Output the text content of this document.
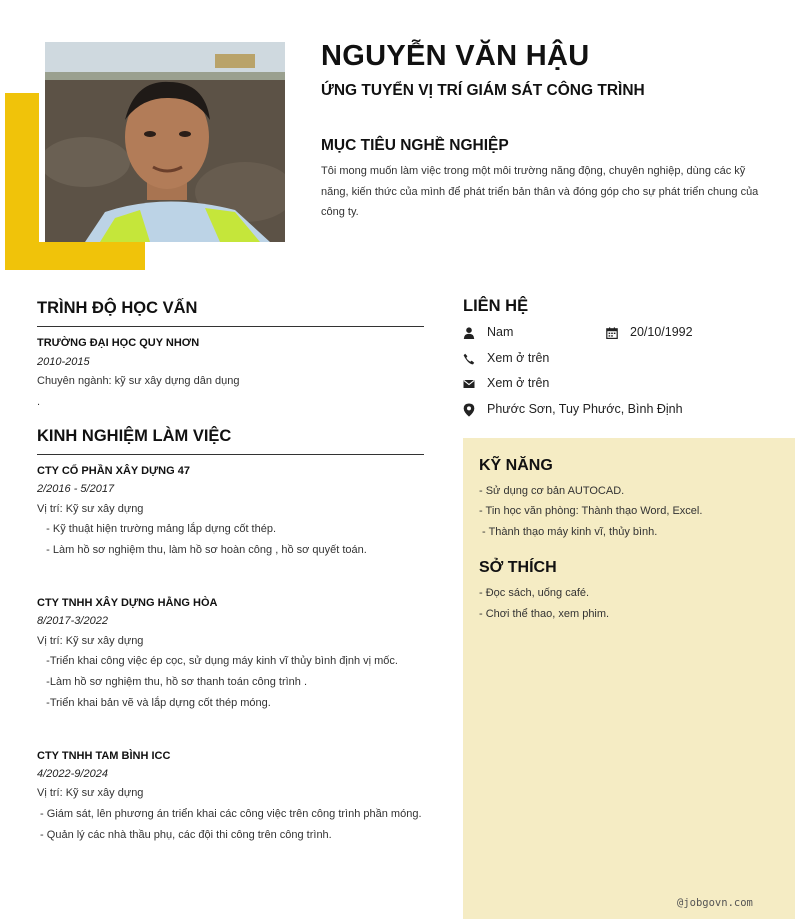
NGUYỄN VĂN HẬU
ỨNG TUYỂN VỊ TRÍ GIÁM SÁT CÔNG TRÌNH
MỤC TIÊU NGHỀ NGHIỆP
Tôi mong muốn làm việc trong một môi trường năng động, chuyên nghiệp, dùng các kỹ
năng, kiến thức của mình để phát triển bản thân và đóng góp cho sự phát triển chung của
công ty.
TRÌNH ĐỘ HỌC VẤN
TRƯỜNG ĐẠI HỌC QUY NHƠN
2010-2015
Chuyên ngành: kỹ sư xây dựng dân dụng
.
KINH NGHIỆM LÀM VIỆC
CTY CỔ PHẦN XÂY DỰNG 47
2/2016 - 5/2017
Vị trí: Kỹ sư xây dựng
- Kỹ thuật hiện trường mảng lắp dựng cốt thép.
- Làm hồ sơ nghiệm thu, làm hồ sơ hoàn công , hồ sơ quyết toán.
CTY TNHH XÂY DỰNG HẰNG HÒA
8/2017-3/2022
Vị trí: Kỹ sư xây dựng
-Triển khai công việc ép cọc, sử dụng máy kinh vĩ thủy bình định vị mốc.
-Làm hồ sơ nghiệm thu, hồ sơ thanh toán công trình .
-Triển khai bản vẽ và lắp dựng cốt thép móng.
CTY TNHH TAM BÌNH ICC
4/2022-9/2024
Vị trí: Kỹ sư xây dựng
- Giám sát, lên phương án triển khai các công việc trên công trình phần móng.
- Quản lý các nhà thầu phụ, các đội thi công trên công trình.
LIÊN HỆ
Nam	20/10/1992
Xem ở trên
Xem ở trên
Phước Sơn, Tuy Phước, Bình Định
KỸ NĂNG
- Sử dụng cơ bản AUTOCAD.
- Tin học văn phòng: Thành thạo Word, Excel.
- Thành thạo máy kinh vĩ, thủy bình.
SỞ THÍCH
- Đọc sách, uống café.
- Chơi thể thao, xem phim.
@jobgovn.com
